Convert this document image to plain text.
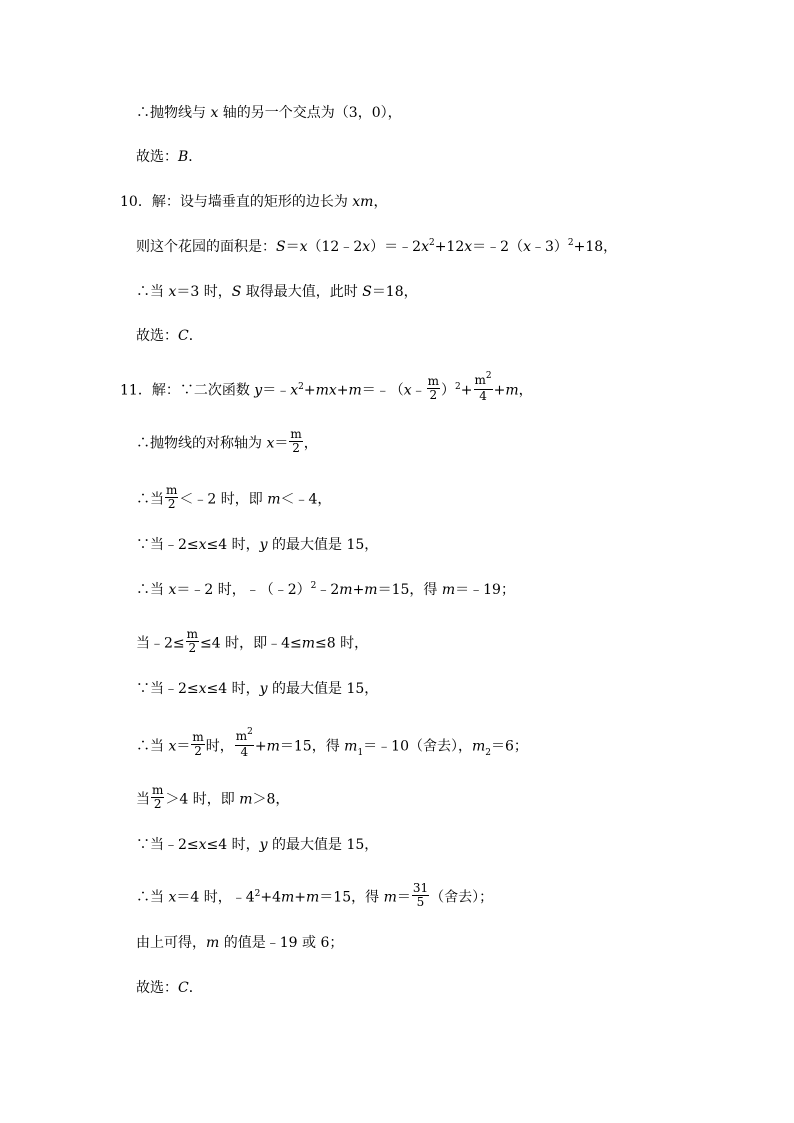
∴抛物线与 x 轴的另一个交点为（3，0），
故选：B．
10．解：设与墙垂直的矩形的边长为 xm，
则这个花园的面积是：$S=x(12﹣2x)=﹣2x^2+12x=﹣2(x﹣3)^2+18$，
∴当 x＝3 时，S 取得最大值，此时 S＝18，
故选：C．
11．解：∵二次函数 $y=﹣x^2+mx+m=﹣(x﹣ \frac{m}{2} )^2+ \frac{m^2}{4} +m$，
∴抛物线的对称轴为 $x= \frac{m}{2}$ ，
∴当 $\frac{m}{2}$ ＜﹣2 时，即 m＜﹣4，
∵当﹣2≤x≤4 时，y 的最大值是 15，
∴当 x＝﹣2 时，﹣（﹣2）$^2$﹣2m+m＝15，得 m＝﹣19；
当﹣2≤ $\frac{m}{2} \le 4$ 时，即﹣4≤m≤8 时，
∵当﹣2≤x≤4 时，y 的最大值是 15，
∴当 $x= \frac{m}{2}$ 时， $\frac{m^2}{4} +m=15$，得 $m_1=﹣10$（舍去），$m_2=6$；
当 $\frac{m}{2} >4$ 时，即 m＞8，
∵当﹣2≤x≤4 时，y 的最大值是 15，
∴当 x＝4 时，$﹣4^2+4m+m=15$，得 $m= \frac{31}{5}$ （舍去）；
由上可得，m 的值是﹣19 或 6；
故选：C．
